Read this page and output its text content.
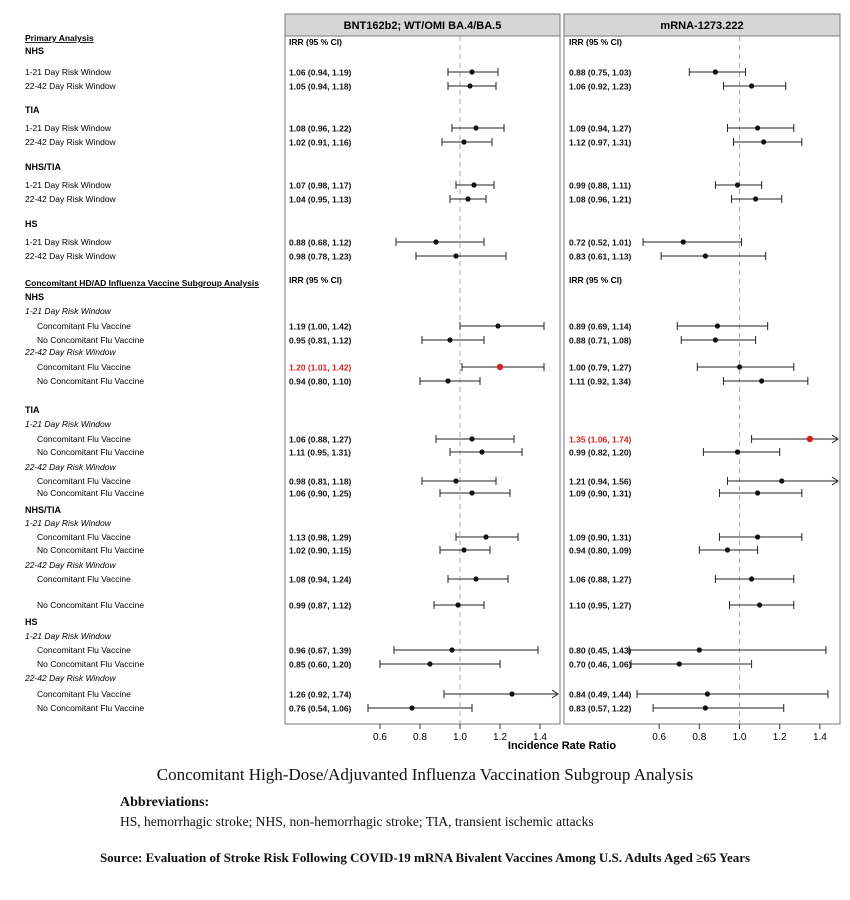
BNT162b2; WT/OMI BA.4/BA.5
0.6	0.8	1.0	1.2	1.4
mRNA-1273.222
0.6	0.8	1.0	1.2	1.4
Incidence Rate Ratio
IRR (95 % CI)	IRR (95 % CI)
IRR (95 % CI)	IRR (95 % CI)
Primary Analysis
NHS
1-21 Day Risk Window	1.06 (0.94, 1.19)	0.88 (0.75, 1.03)
22-42 Day Risk Window	1.05 (0.94, 1.18)	1.06 (0.92, 1.23)
TIA
1-21 Day Risk Window	1.08 (0.96, 1.22)	1.09 (0.94, 1.27)
22-42 Day Risk Window	1.02 (0.91, 1.16)	1.12 (0.97, 1.31)
NHS/TIA
1-21 Day Risk Window	1.07 (0.98, 1.17)	0.99 (0.88, 1.11)
22-42 Day Risk Window	1.04 (0.95, 1.13)	1.08 (0.96, 1.21)
HS
1-21 Day Risk Window	0.88 (0.68, 1.12)	0.72 (0.52, 1.01)
22-42 Day Risk Window	0.98 (0.78, 1.23)	0.83 (0.61, 1.13)
Concomitant HD/AD Influenza Vaccine Subgroup Analysis
NHS
1-21 Day Risk Window
Concomitant Flu Vaccine	1.19 (1.00, 1.42)	0.89 (0.69, 1.14)
No Concomitant Flu Vaccine	0.95 (0.81, 1.12)	0.88 (0.71, 1.08)
22-42 Day Risk Window
Concomitant Flu Vaccine	1.20 (1.01, 1.42)	1.00 (0.79, 1.27)
No Concomitant Flu Vaccine	0.94 (0.80, 1.10)	1.11 (0.92, 1.34)
TIA
1-21 Day Risk Window
Concomitant Flu Vaccine	1.06 (0.88, 1.27)	1.35 (1.06, 1.74)
No Concomitant Flu Vaccine	1.11 (0.95, 1.31)	0.99 (0.82, 1.20)
22-42 Day Risk Window
Concomitant Flu Vaccine	0.98 (0.81, 1.18)	1.21 (0.94, 1.56)
No Concomitant Flu Vaccine	1.06 (0.90, 1.25)	1.09 (0.90, 1.31)
NHS/TIA
1-21 Day Risk Window
Concomitant Flu Vaccine	1.13 (0.98, 1.29)	1.09 (0.90, 1.31)
No Concomitant Flu Vaccine	1.02 (0.90, 1.15)	0.94 (0.80, 1.09)
22-42 Day Risk Window
Concomitant Flu Vaccine	1.08 (0.94, 1.24)	1.06 (0.88, 1.27)
No Concomitant Flu Vaccine	0.99 (0.87, 1.12)	1.10 (0.95, 1.27)
HS
1-21 Day Risk Window
Concomitant Flu Vaccine	0.96 (0.67, 1.39)	0.80 (0.45, 1.43)
No Concomitant Flu Vaccine	0.85 (0.60, 1.20)	0.70 (0.46, 1.06)
22-42 Day Risk Window
Concomitant Flu Vaccine	1.26 (0.92, 1.74)	0.84 (0.49, 1.44)
No Concomitant Flu Vaccine	0.76 (0.54, 1.06)	0.83 (0.57, 1.22)
Concomitant High-Dose/Adjuvanted Influenza Vaccination Subgroup Analysis
Abbreviations:
HS, hemorrhagic stroke; NHS, non-hemorrhagic stroke; TIA, transient ischemic attacks
Source: Evaluation of Stroke Risk Following COVID-19 mRNA Bivalent Vaccines Among U.S. Adults Aged ≥65 Years
